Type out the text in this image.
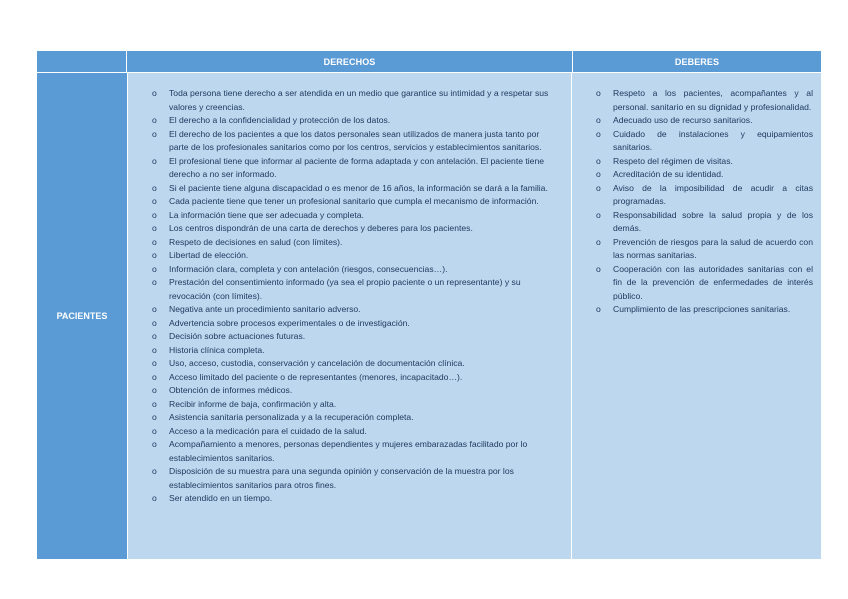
DERECHOS	DEBERES
PACIENTES
o Toda persona tiene derecho a ser atendida en un medio que garantice su intimidad y a respetar sus valores y creencias.
o El derecho a la confidencialidad y protección de los datos.
o El derecho de los pacientes a que los datos personales sean utilizados de manera justa tanto por parte de los profesionales sanitarios como por los centros, servicios y establecimientos sanitarios.
o El profesional tiene que informar al paciente de forma adaptada y con antelación. El paciente tiene derecho a no ser informado.
o Si el paciente tiene alguna discapacidad o es menor de 16 años, la información se dará a la familia.
o Cada paciente tiene que tener un profesional sanitario que cumpla el mecanismo de información.
o La información tiene que ser adecuada y completa.
o Los centros dispondrán de una carta de derechos y deberes para los pacientes.
o Respeto de decisiones en salud (con límites).
o Libertad de elección.
o Información clara, completa y con antelación (riesgos, consecuencias…).
o Prestación del consentimiento informado (ya sea el propio paciente o un representante) y su revocación (con límites).
o Negativa ante un procedimiento sanitario adverso.
o Advertencia sobre procesos experimentales o de investigación.
o Decisión sobre actuaciones futuras.
o Historia clínica completa.
o Uso, acceso, custodia, conservación y cancelación de documentación clínica.
o Acceso limitado del paciente o de representantes (menores, incapacitado…).
o Obtención de informes médicos.
o Recibir informe de baja, confirmación y alta.
o Asistencia sanitaria personalizada y a la recuperación completa.
o Acceso a la medicación para el cuidado de la salud.
o Acompañamiento a menores, personas dependientes y mujeres embarazadas facilitado por lo establecimientos sanitarios.
o Disposición de su muestra para una segunda opinión y conservación de la muestra por los establecimientos sanitarios para otros fines.
o Ser atendido en un tiempo.
o Respeto a los pacientes, acompañantes y al personal. sanitario en su dignidad y profesionalidad.
o Adecuado uso de recurso sanitarios.
o Cuidado de instalaciones y equipamientos sanitarios.
o Respeto del régimen de visitas.
o Acreditación de su identidad.
o Aviso de la imposibilidad de acudir a citas programadas.
o Responsabilidad sobre la salud propia y de los demás.
o Prevención de riesgos para la salud de acuerdo con las normas sanitarias.
o Cooperación con las autoridades sanitarias con el fin de la prevención de enfermedades de interés público.
o Cumplimiento de las prescripciones sanitarias.
